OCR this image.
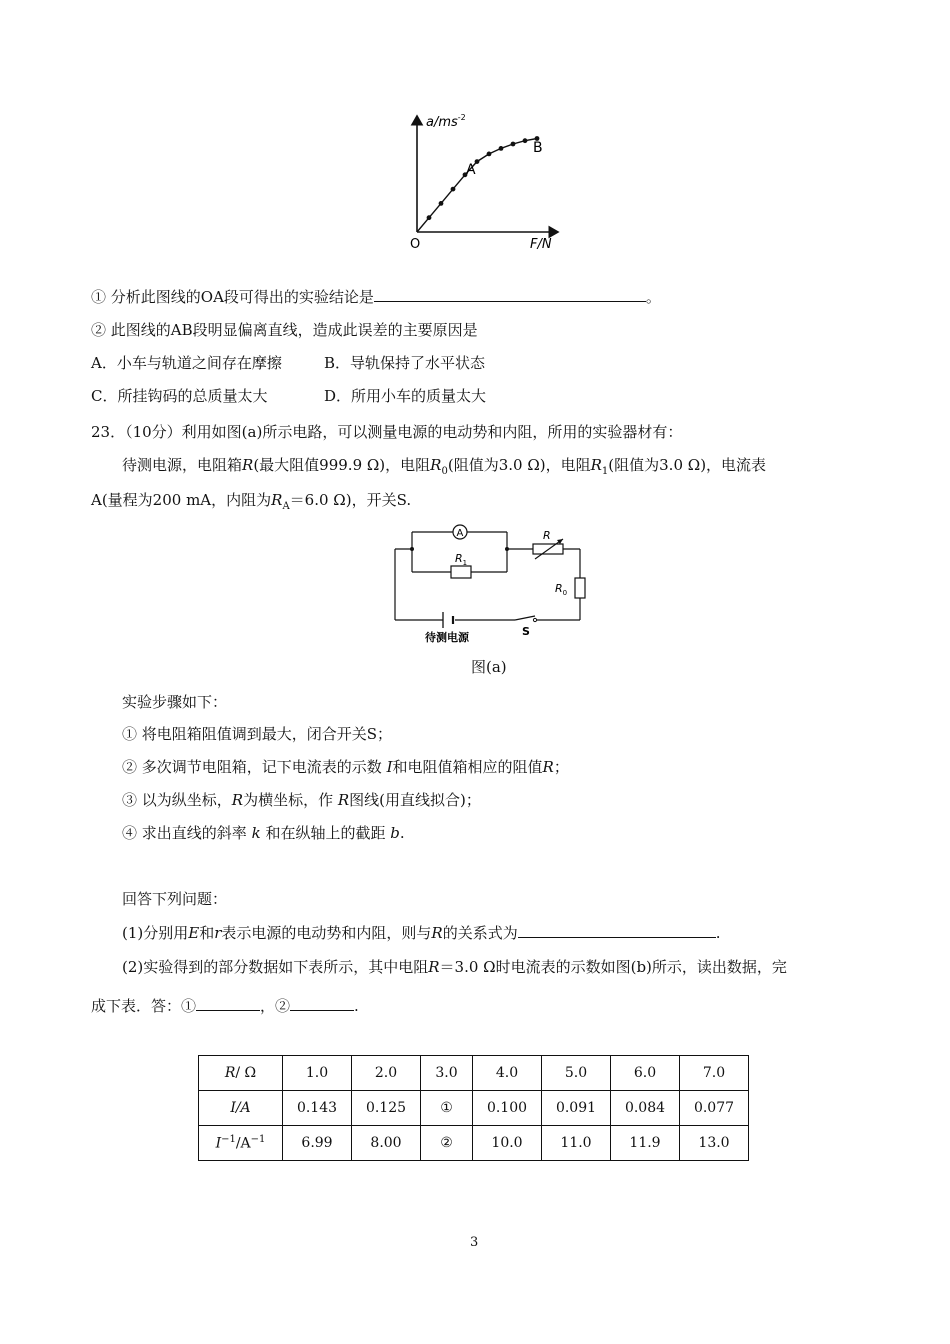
$a/ms^{-2}$
F/N
O
A
B
① 分析此图线的OA段可得出的实验结论是	。
② 此图线的AB段明显偏离直线，造成此误差的主要原因是
A．小车与轨道之间存在摩擦	B．导轨保持了水平状态
C．所挂钩码的总质量太大	D．所用小车的质量太大
23．（10分）利用如图(a)所示电路，可以测量电源的电动势和内阻，所用的实验器材有：
待测电源，电阻箱R(最大阻值999.9 Ω)，电阻$R_0$(阻值为3.0 Ω)，电阻$R_1$(阻值为3.0 Ω)，电流表
A(量程为200 mA，内阻为$R_A=6.0$ Ω)，开关S.
A
$R_1$
R
$R_0$
待测电源	S
图(a)
实验步骤如下：
① 将电阻箱阻值调到最大，闭合开关S；
② 多次调节电阻箱，记下电流表的示数 I和电阻值箱相应的阻值R；
③ 以为纵坐标，R为横坐标，作 R图线(用直线拟合)；
④ 求出直线的斜率 k 和在纵轴上的截距 b.
回答下列问题：
(1)分别用E和r表示电源的电动势和内阻，则与R的关系式为	.
(2)实验得到的部分数据如下表所示，其中电阻R＝3.0 Ω时电流表的示数如图(b)所示，读出数据，完
成下表．答：①	，②	.
R/ Ω	1.0	2.0	3.0	4.0	5.0	6.0	7.0
I/A	0.143	0.125	①	0.100	0.091	0.084	0.077
$I^{-1}/A^{-1}$	6.99	8.00	②	10.0	11.0	11.9	13.0
3
